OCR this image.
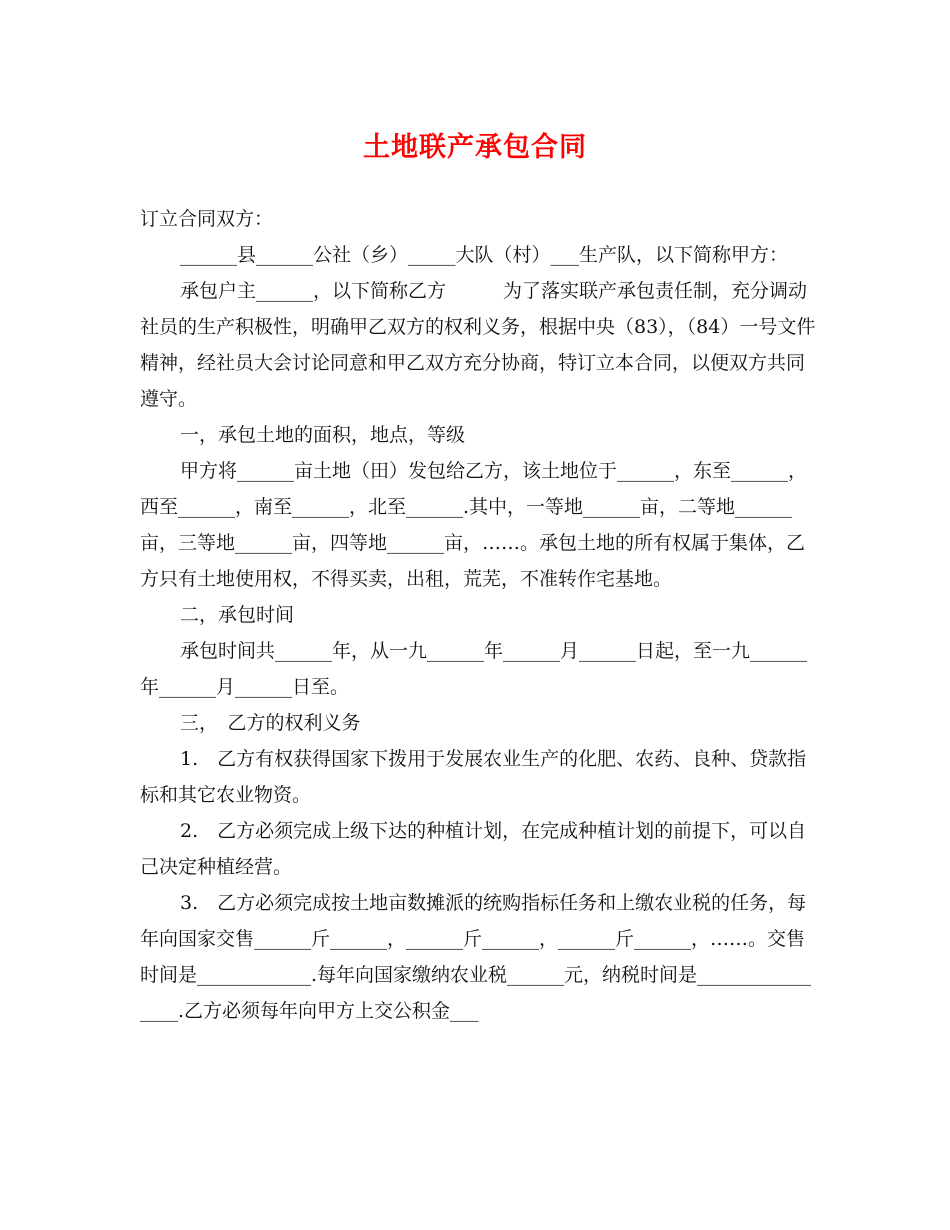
土地联产承包合同

订立合同双方：

______县______公社（乡）_____大队（村）___生产队，以下简称甲方：

承包户主______，以下简称乙方　　　为了落实联产承包责任制，充分调动社员的生产积极性，明确甲乙双方的权利义务，根据中央（83），（84）一号文件精神，经社员大会讨论同意和甲乙双方充分协商，特订立本合同，以便双方共同遵守。

一，承包土地的面积，地点，等级

甲方将______亩土地（田）发包给乙方，该土地位于______，东至______，西至______，南至______，北至______.其中，一等地______亩，二等地______亩，三等地______亩，四等地______亩，……。承包土地的所有权属于集体，乙方只有土地使用权，不得买卖，出租，荒芜，不准转作宅基地。

二，承包时间

承包时间共______年，从一九______年______月______日起，至一九______年______月______日至。

三，　乙方的权利义务

1.　乙方有权获得国家下拨用于发展农业生产的化肥、农药、良种、贷款指标和其它农业物资。

2.　乙方必须完成上级下达的种植计划，在完成种植计划的前提下，可以自己决定种植经营。

3.　乙方必须完成按土地亩数摊派的统购指标任务和上缴农业税的任务，每年向国家交售______斤______，______斤______，______斤______，……。交售时间是____________.每年向国家缴纳农业税______元，纳税时间是________________.乙方必须每年向甲方上交公积金___
